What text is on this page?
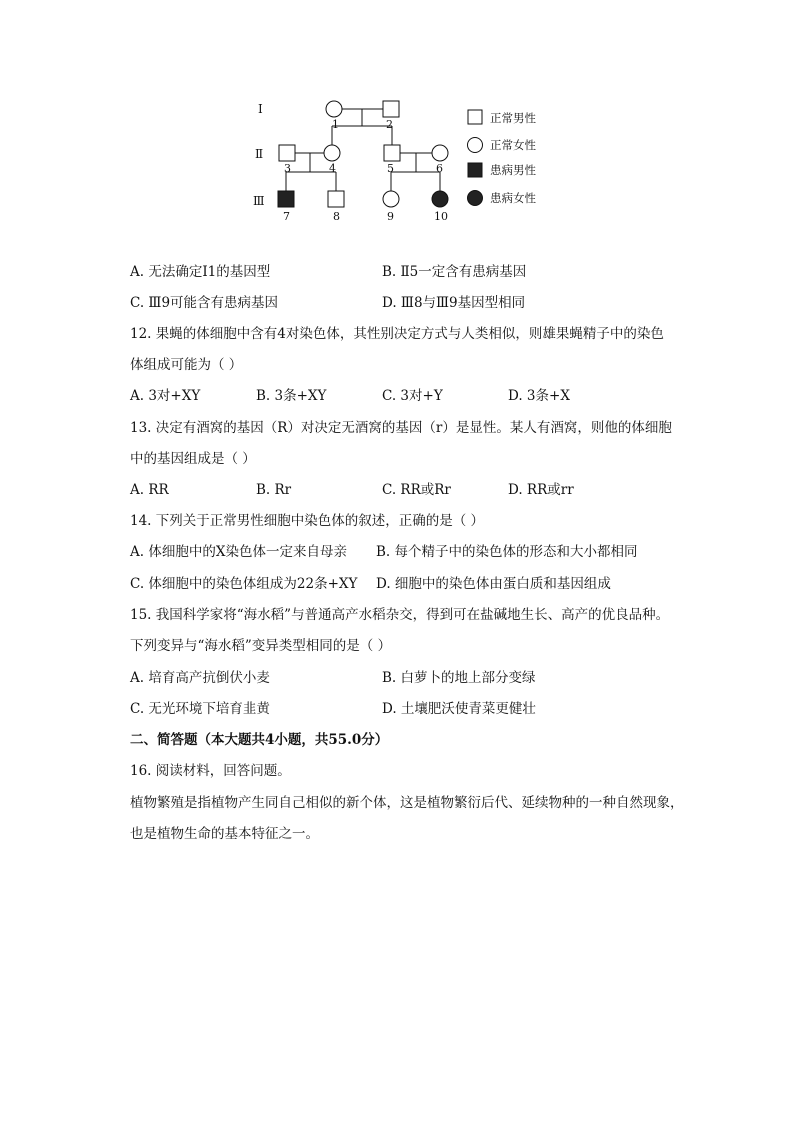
Ⅰ
Ⅱ
Ⅲ
1	2
3	4	5	6
7	8	9	10
正常男性
正常女性
患病男性
患病女性
A. 无法确定Ⅰ1的基因型	B. Ⅱ5一定含有患病基因
C. Ⅲ9可能含有患病基因	D. Ⅲ8与Ⅲ9基因型相同
12. 果蝇的体细胞中含有4对染色体，其性别决定方式与人类相似，则雄果蝇精子中的染色
体组成可能为（ ）
A. 3对+XY	B. 3条+XY	C. 3对+Y	D. 3条+X
13. 决定有酒窝的基因（R）对决定无酒窝的基因（r）是显性。某人有酒窝，则他的体细胞
中的基因组成是（ ）
A. RR	B. Rr	C. RR或Rr	D. RR或rr
14. 下列关于正常男性细胞中染色体的叙述，正确的是（ ）
A. 体细胞中的X染色体一定来自母亲 B. 每个精子中的染色体的形态和大小都相同
C. 体细胞中的染色体组成为22条+XY D. 细胞中的染色体由蛋白质和基因组成
15. 我国科学家将“海水稻”与普通高产水稻杂交，得到可在盐碱地生长、高产的优良品种。
下列变异与“海水稻”变异类型相同的是（ ）
A. 培育高产抗倒伏小麦	B. 白萝卜的地上部分变绿
C. 无光环境下培育韭黄	D. 土壤肥沃使青菜更健壮
二、简答题（本大题共4小题，共55.0分）
16. 阅读材料，回答问题。
植物繁殖是指植物产生同自己相似的新个体，这是植物繁衍后代、延续物种的一种自然现象，
也是植物生命的基本特征之一。
